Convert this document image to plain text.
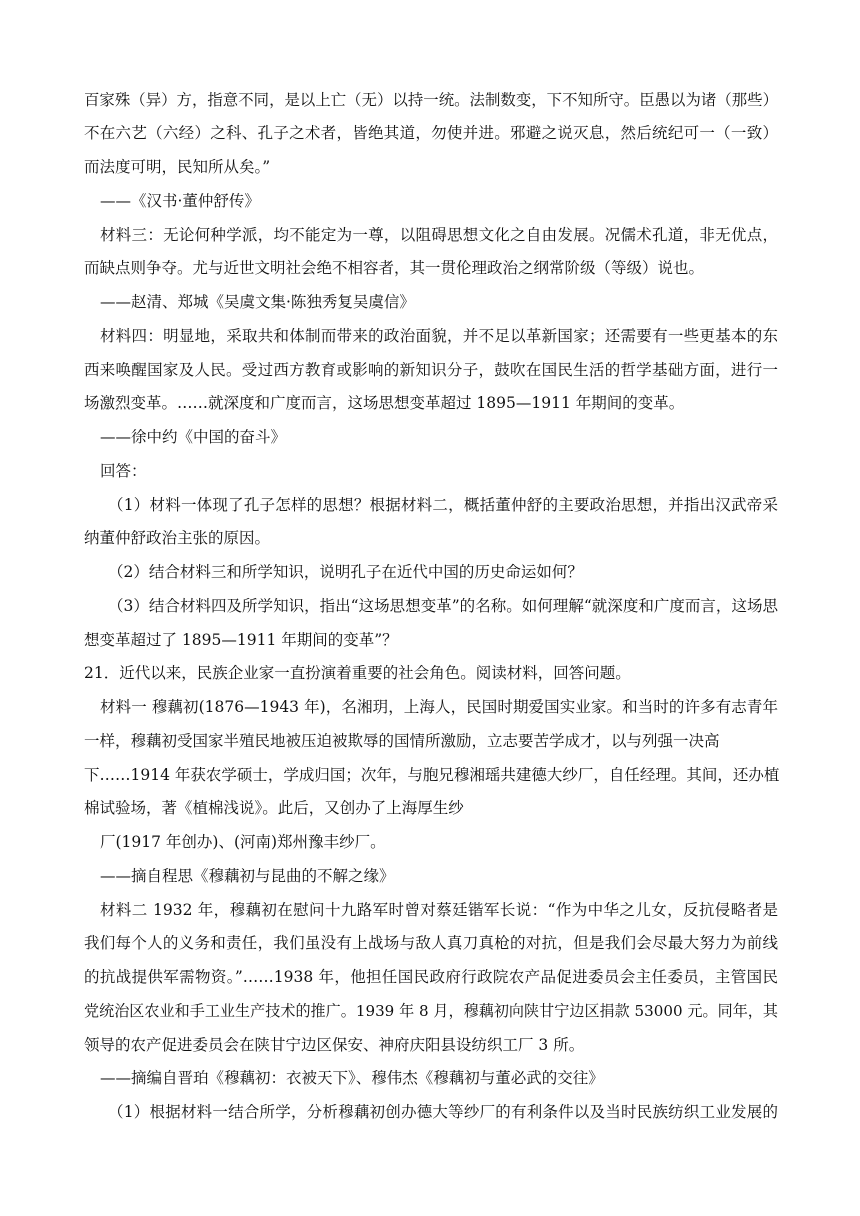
百家殊（异）方，指意不同，是以上亡（无）以持一统。法制数变，下不知所守。臣愚以为诸（那些）
不在六艺（六经）之科、孔子之术者，皆绝其道，勿使并进。邪避之说灭息，然后统纪可一（一致）
而法度可明，民知所从矣。”
——《汉书·董仲舒传》
材料三：无论何种学派，均不能定为一尊，以阻碍思想文化之自由发展。况儒术孔道，非无优点，
而缺点则争夺。尤与近世文明社会绝不相容者，其一贯伦理政治之纲常阶级（等级）说也。
——赵清、郑城《吴虞文集·陈独秀复吴虞信》
材料四：明显地，采取共和体制而带来的政治面貌，并不足以革新国家；还需要有一些更基本的东
西来唤醒国家及人民。受过西方教育或影响的新知识分子，鼓吹在国民生活的哲学基础方面，进行一
场激烈变革。……就深度和广度而言，这场思想变革超过 1895—1911 年期间的变革。
——徐中约《中国的奋斗》
回答：
（1）材料一体现了孔子怎样的思想？根据材料二，概括董仲舒的主要政治思想，并指出汉武帝采
纳董仲舒政治主张的原因。
（2）结合材料三和所学知识，说明孔子在近代中国的历史命运如何？
（3）结合材料四及所学知识，指出“这场思想变革”的名称。如何理解“就深度和广度而言，这场思
想变革超过了 1895—1911 年期间的变革”？
21．近代以来，民族企业家一直扮演着重要的社会角色。阅读材料，回答问题。
材料一 穆藕初(1876—1943 年)，名湘玥，上海人，民国时期爱国实业家。和当时的许多有志青年
一样，穆藕初受国家半殖民地被压迫被欺辱的国情所激励，立志要苦学成才，以与列强一决高
下……1914 年获农学硕士，学成归国；次年，与胞兄穆湘瑶共建德大纱厂，自任经理。其间，还办植
棉试验场，著《植棉浅说》。此后，又创办了上海厚生纱
厂(1917 年创办)、(河南)郑州豫丰纱厂。
——摘自程思《穆藕初与昆曲的不解之缘》
材料二 1932 年，穆藕初在慰问十九路军时曾对蔡廷锴军长说：“作为中华之儿女，反抗侵略者是
我们每个人的义务和责任，我们虽没有上战场与敌人真刀真枪的对抗，但是我们会尽最大努力为前线
的抗战提供军需物资。”……1938 年，他担任国民政府行政院农产品促进委员会主任委员，主管国民
党统治区农业和手工业生产技术的推广。1939 年 8 月，穆藕初向陕甘宁边区捐款 53000 元。同年，其
领导的农产促进委员会在陕甘宁边区保安、神府庆阳县设纺织工厂 3 所。
——摘编自晋珀《穆藕初：衣被天下》、穆伟杰《穆藕初与董必武的交往》
（1）根据材料一结合所学，分析穆藕初创办德大等纱厂的有利条件以及当时民族纺织工业发展的
